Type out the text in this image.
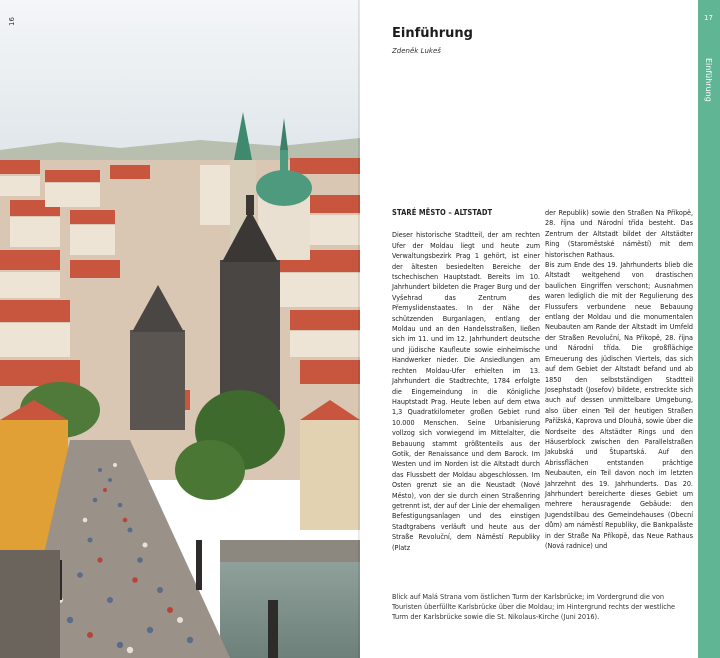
16	17
Einführung
Einführung
Zdeněk Lukeš
STARÉ MĚSTO – ALTSTADT

Dieser historische Stadtteil, der am rechten Ufer der Moldau liegt und heute zum Verwaltungsbezirk Prag 1 gehört, ist einer der ältesten besiedelten Bereiche der tschechischen Hauptstadt. Bereits im 10. Jahrhundert bildeten die Prager Burg und der Vyšehrad das Zentrum des Přemyslidenstaates. In der Nähe der schützenden Burganlagen, entlang der Moldau und an den Handelsstraßen, ließen sich im 11. und im 12. Jahrhundert deutsche und jüdische Kaufleute sowie einheimische Handwerker nieder. Die Ansiedlungen am rechten Moldau-Ufer erhielten im 13. Jahrhundert die Stadtrechte, 1784 erfolgte die Eingemeindung in die Königliche Hauptstadt Prag. Heute leben auf dem etwa 1,3 Quadratkilometer großen Gebiet rund 10.000 Menschen. Seine Urbanisierung vollzog sich vorwiegend im Mittelalter, die Bebauung stammt größtenteils aus der Gotik, der Renaissance und dem Barock. Im Westen und im Norden ist die Altstadt durch das Flussbett der Moldau abgeschlossen. Im Osten grenzt sie an die Neustadt (Nové Město), von der sie durch einen Straßenring getrennt ist, der auf der Linie der ehemaligen Befestigungsanlagen und des einstigen Stadtgrabens verläuft und heute aus der Straße Revoluční, dem Náměstí Republiky (Platz

der Republik) sowie den Straßen Na Příkopě, 28. října und Národní třída besteht. Das Zentrum der Altstadt bildet der Altstädter Ring (Staroměstské náměstí) mit dem historischen Rathaus.

Bis zum Ende des 19. Jahrhunderts blieb die Altstadt weitgehend von drastischen baulichen Eingriffen verschont; Ausnahmen waren lediglich die mit der Regulierung des Flussufers verbundene neue Bebauung entlang der Moldau und die monumentalen Neubauten am Rande der Altstadt im Umfeld der Straßen Revoluční, Na Příkopě, 28. října und Národní třída. Die großflächige Erneuerung des jüdischen Viertels, das sich auf dem Gebiet der Altstadt befand und ab 1850 den selbstständigen Stadtteil Josephstadt (Josefov) bildete, erstreckte sich auch auf dessen unmittelbare Umgebung, also über einen Teil der heutigen Straßen Pařížská, Kaprova und Dlouhá, sowie über die Nordseite des Altstädter Rings und den Häuserblock zwischen den Parallelstraßen Jakubská und Štupartská. Auf den Abrissflächen entstanden prächtige Neubauten, ein Teil davon noch im letzten Jahrzehnt des 19. Jahrhunderts. Das 20. Jahrhundert bereicherte dieses Gebiet um mehrere herausragende Gebäude: den Jugendstilbau des Gemeindehauses (Obecní dům) am náměstí Republiky, die Bankpaläste in der Straße Na Příkopě, das Neue Rathaus (Nová radnice) und

Blick auf Malá Strana vom östlichen Turm der Karlsbrücke; im Vordergrund die von Touristen überfüllte Karlsbrücke über die Moldau; im Hintergrund rechts der westliche Turm der Karlsbrücke sowie die St. Nikolaus-Kirche (Juni 2016).
